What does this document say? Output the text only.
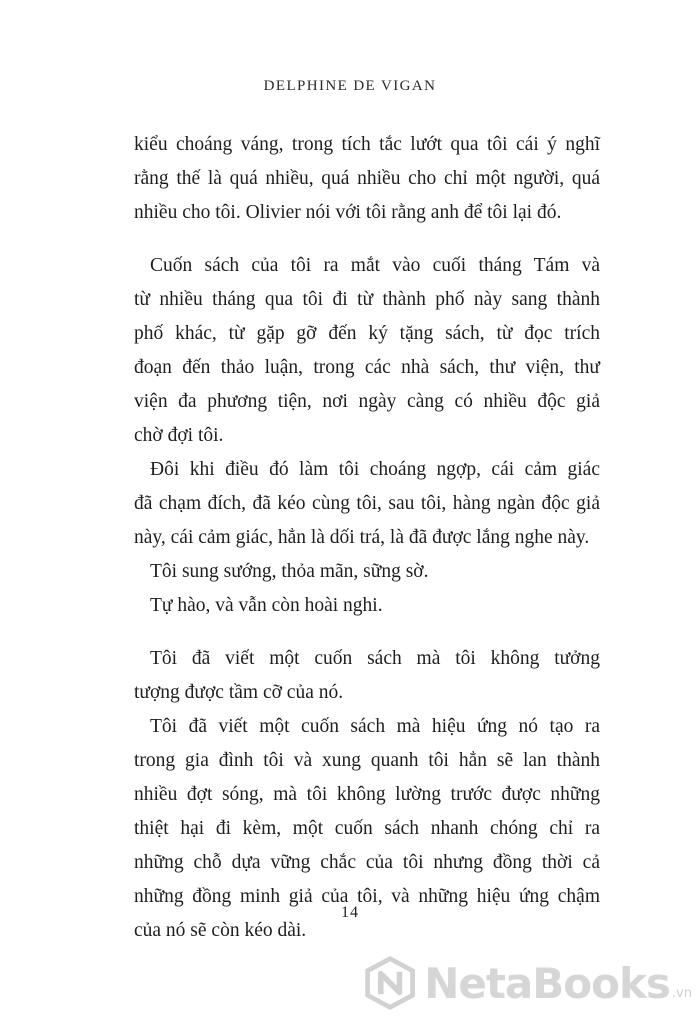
DELPHINE DE VIGAN
kiểu choáng váng, trong tích tắc lướt qua tôi cái ý nghĩ
rằng thế là quá nhiều, quá nhiều cho chỉ một người, quá
nhiều cho tôi. Olivier nói với tôi rằng anh để tôi lại đó.
Cuốn sách của tôi ra mắt vào cuối tháng Tám và
từ nhiều tháng qua tôi đi từ thành phố này sang thành
phố khác, từ gặp gỡ đến ký tặng sách, từ đọc trích
đoạn đến thảo luận, trong các nhà sách, thư viện, thư
viện đa phương tiện, nơi ngày càng có nhiều độc giả
chờ đợi tôi.
Đôi khi điều đó làm tôi choáng ngợp, cái cảm giác
đã chạm đích, đã kéo cùng tôi, sau tôi, hàng ngàn độc giả
này, cái cảm giác, hẳn là dối trá, là đã được lắng nghe này.
Tôi sung sướng, thỏa mãn, sững sờ.
Tự hào, và vẫn còn hoài nghi.
Tôi đã viết một cuốn sách mà tôi không tưởng
tượng được tầm cỡ của nó.
Tôi đã viết một cuốn sách mà hiệu ứng nó tạo ra
trong gia đình tôi và xung quanh tôi hẳn sẽ lan thành
nhiều đợt sóng, mà tôi không lường trước được những
thiệt hại đi kèm, một cuốn sách nhanh chóng chỉ ra
những chỗ dựa vững chắc của tôi nhưng đồng thời cả
những đồng minh giả của tôi, và những hiệu ứng chậm
của nó sẽ còn kéo dài.
14
NetaBooks .vn
